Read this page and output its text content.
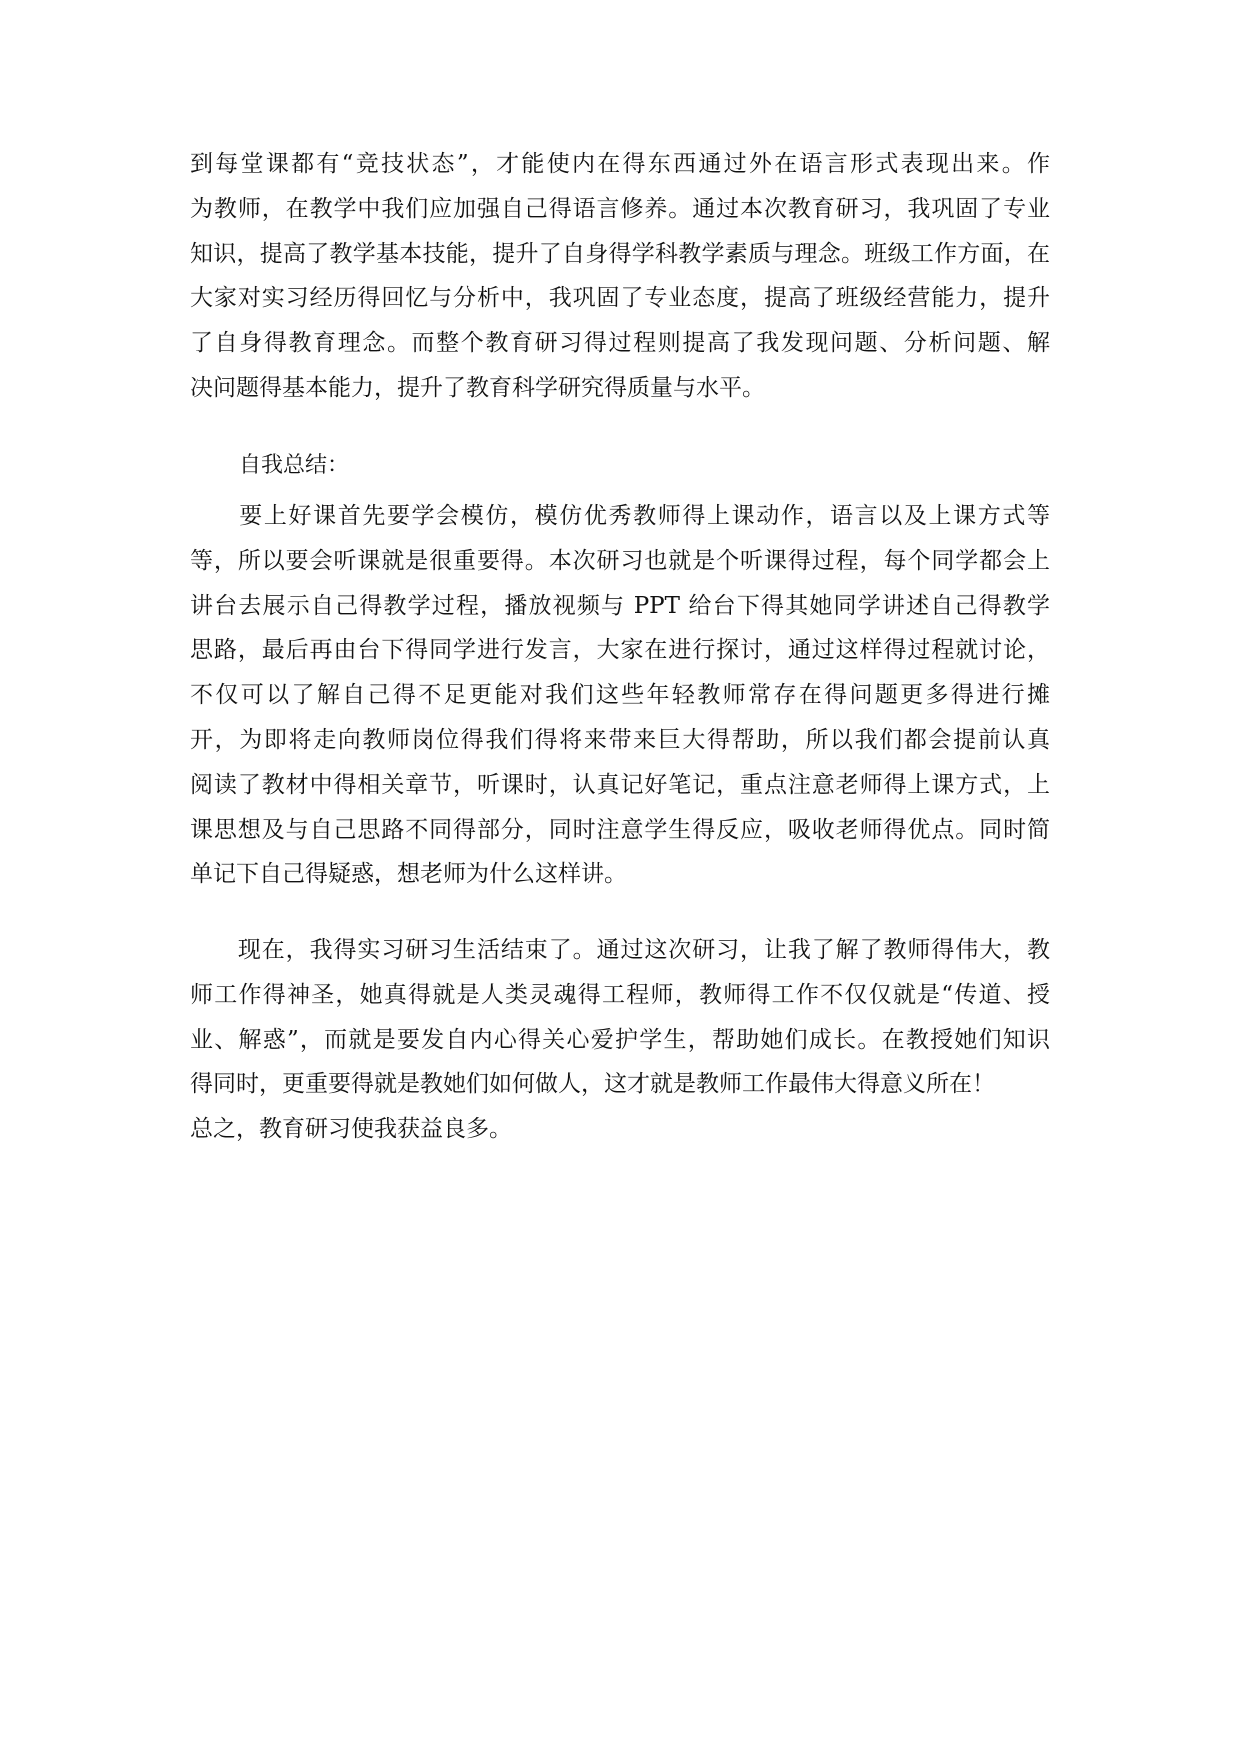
到每堂课都有“竞技状态”，才能使内在得东西通过外在语言形式表现出来。作
为教师，在教学中我们应加强自己得语言修养。通过本次教育研习，我巩固了专业
知识，提高了教学基本技能，提升了自身得学科教学素质与理念。班级工作方面，在
大家对实习经历得回忆与分析中，我巩固了专业态度，提高了班级经营能力，提升
了自身得教育理念。而整个教育研习得过程则提高了我发现问题、分析问题、解
决问题得基本能力，提升了教育科学研究得质量与水平。
自我总结：
　　要上好课首先要学会模仿，模仿优秀教师得上课动作，语言以及上课方式等
等，所以要会听课就是很重要得。本次研习也就是个听课得过程，每个同学都会上
讲台去展示自己得教学过程，播放视频与 PPT 给台下得其她同学讲述自己得教学
思路，最后再由台下得同学进行发言，大家在进行探讨，通过这样得过程就讨论，
不仅可以了解自己得不足更能对我们这些年轻教师常存在得问题更多得进行摊
开，为即将走向教师岗位得我们得将来带来巨大得帮助，所以我们都会提前认真
阅读了教材中得相关章节，听课时，认真记好笔记，重点注意老师得上课方式，上
课思想及与自己思路不同得部分，同时注意学生得反应，吸收老师得优点。同时简
单记下自己得疑惑，想老师为什么这样讲。
　　现在，我得实习研习生活结束了。通过这次研习，让我了解了教师得伟大，教
师工作得神圣，她真得就是人类灵魂得工程师，教师得工作不仅仅就是“传道、授
业、解惑”，而就是要发自内心得关心爱护学生，帮助她们成长。在教授她们知识
得同时，更重要得就是教她们如何做人，这才就是教师工作最伟大得意义所在！
总之，教育研习使我获益良多。
